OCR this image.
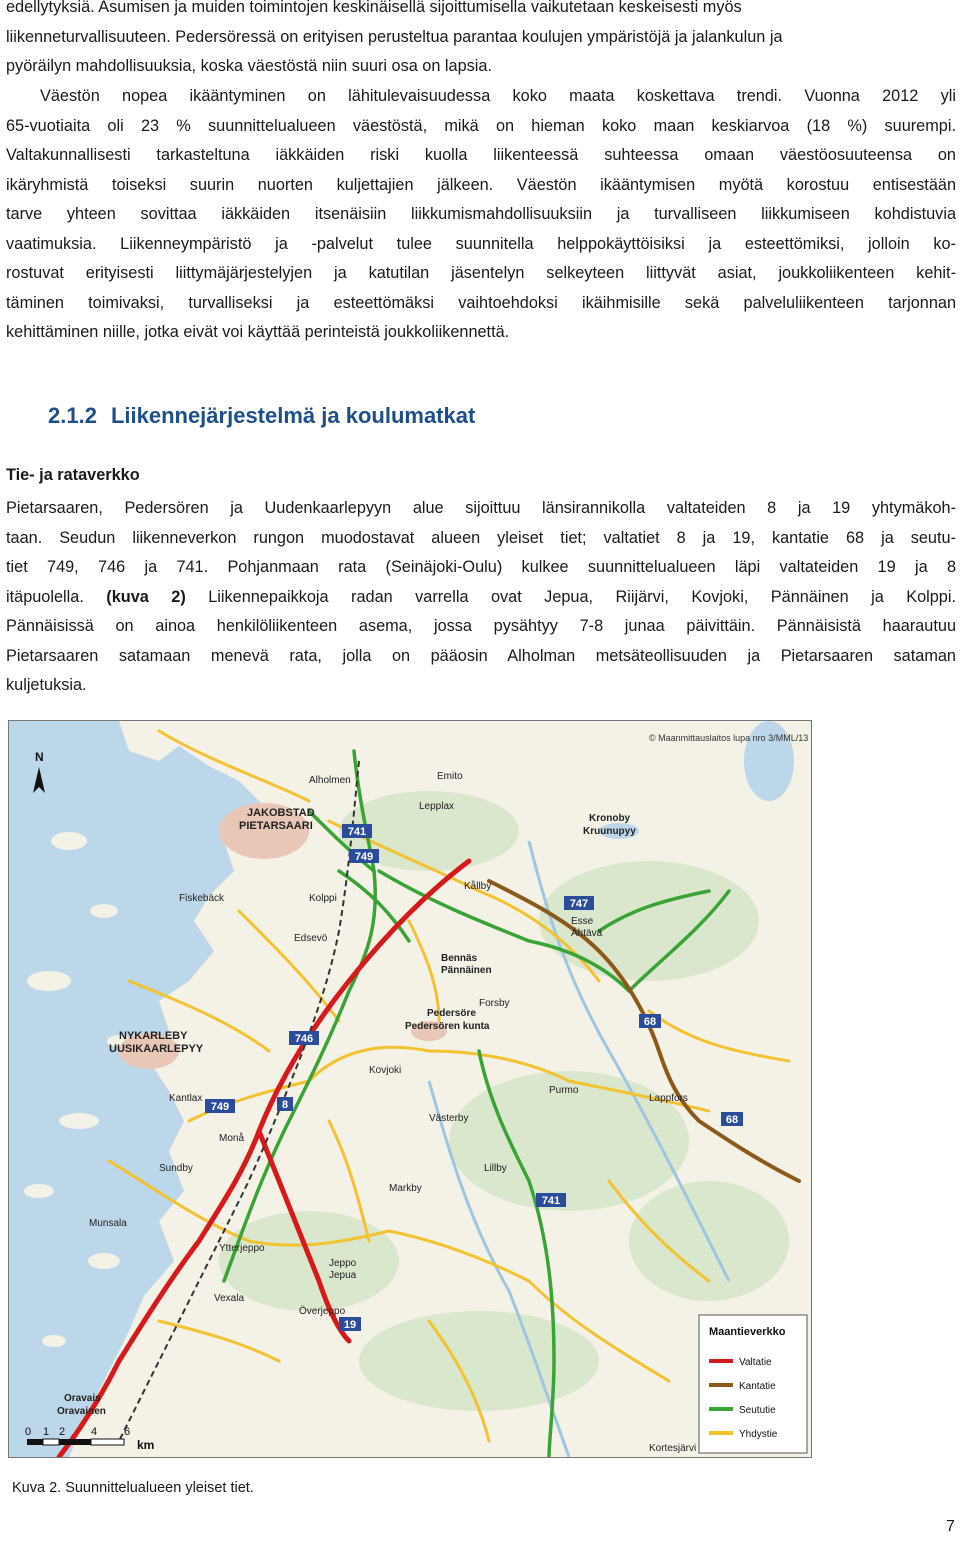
edellytyksiä. Asumisen ja muiden toimintojen keskinäisellä sijoittumisella vaikutetaan keskeisesti myös
liikenneturvallisuuteen. Pedersöressä on erityisen perusteltua parantaa koulujen ympäristöjä ja jalankulun ja
pyöräilyn mahdollisuuksia, koska väestöstä niin suuri osa on lapsia.
Väestön nopea ikääntyminen on lähitulevaisuudessa koko maata koskettava trendi. Vuonna 2012 yli
65-vuotiaita oli 23 % suunnittelualueen väestöstä, mikä on hieman koko maan keskiarvoa (18 %) suurempi.
Valtakunnallisesti tarkasteltuna iäkkäiden riski kuolla liikenteessä suhteessa omaan väestöosuuteensa on
ikäryhmistä toiseksi suurin nuorten kuljettajien jälkeen. Väestön ikääntymisen myötä korostuu entisestään
tarve yhteen sovittaa iäkkäiden itsenäisiin liikkumismahdollisuuksiin ja turvalliseen liikkumiseen kohdistuvia
vaatimuksia. Liikenneympäristö ja -palvelut tulee suunnitella helppokäyttöisiksi ja esteettömiksi, jolloin ko-
rostuvat erityisesti liittymäjärjestelyjen ja katutilan jäsentelyn selkeyteen liittyvät asiat, joukkoliikenteen kehit-
täminen toimivaksi, turvalliseksi ja esteettömäksi vaihtoehdoksi ikäihmisille sekä palveluliikenteen tarjonnan
kehittäminen niille, jotka eivät voi käyttää perinteistä joukkoliikennettä.
2.1.2 Liikennejärjestelmä ja koulumatkat
Tie- ja rataverkko
Pietarsaaren, Pedersören ja Uudenkaarlepyyn alue sijoittuu länsirannikolla valtateiden 8 ja 19 yhtymäkoh-
taan. Seudun liikenneverkon rungon muodostavat alueen yleiset tiet; valtatiet 8 ja 19, kantatie 68 ja seutu-
tiet 749, 746 ja 741. Pohjanmaan rata (Seinäjoki-Oulu) kulkee suunnittelualueen läpi valtateiden 19 ja 8
itäpuolella. (kuva 2) Liikennepaikkoja radan varrella ovat Jepua, Riijärvi, Kovjoki, Pännäinen ja Kolppi.
Pännäisissä on ainoa henkilöliikenteen asema, jossa pysähtyy 7-8 junaa päivittäin. Pännäisistä haarautuu
Pietarsaaren satamaan menevä rata, jolla on pääosin Alholman metsäteollisuuden ja Pietarsaaren sataman
kuljetuksia.
741
749
747
68
746
8
749
68
741
19
JAKOBSTAD
PIETARSAARI
NYKARLEBY
UUSIKAARLEPYY
Kronoby
Kruunupyy
Pedersöre
Pedersören kunta
Bennäs
Pännäinen
Oravais
Oravainen
Esse
Ähtävä
Purmo
Forsby
Lappfors
Kovjoki
Jeppo
Jepua
Ytterjeppo
Överjeppo
Munsala
Kållby
Alholmen
Kolppi
Fiskebäck
Edsevö
Lepplax
Kortesjärvi
Västerby
Emito
Lillby
Sundby
Vexala
Monå
Kantlax
Markby
© Maanmittauslaitos lupa nro 3/MML/13
N
0 1 2 4 6
km
Maantieverkko
Valtatie
Kantatie
Seututie
Yhdystie

Kuva 2. Suunnittelualueen yleiset tiet.

7
